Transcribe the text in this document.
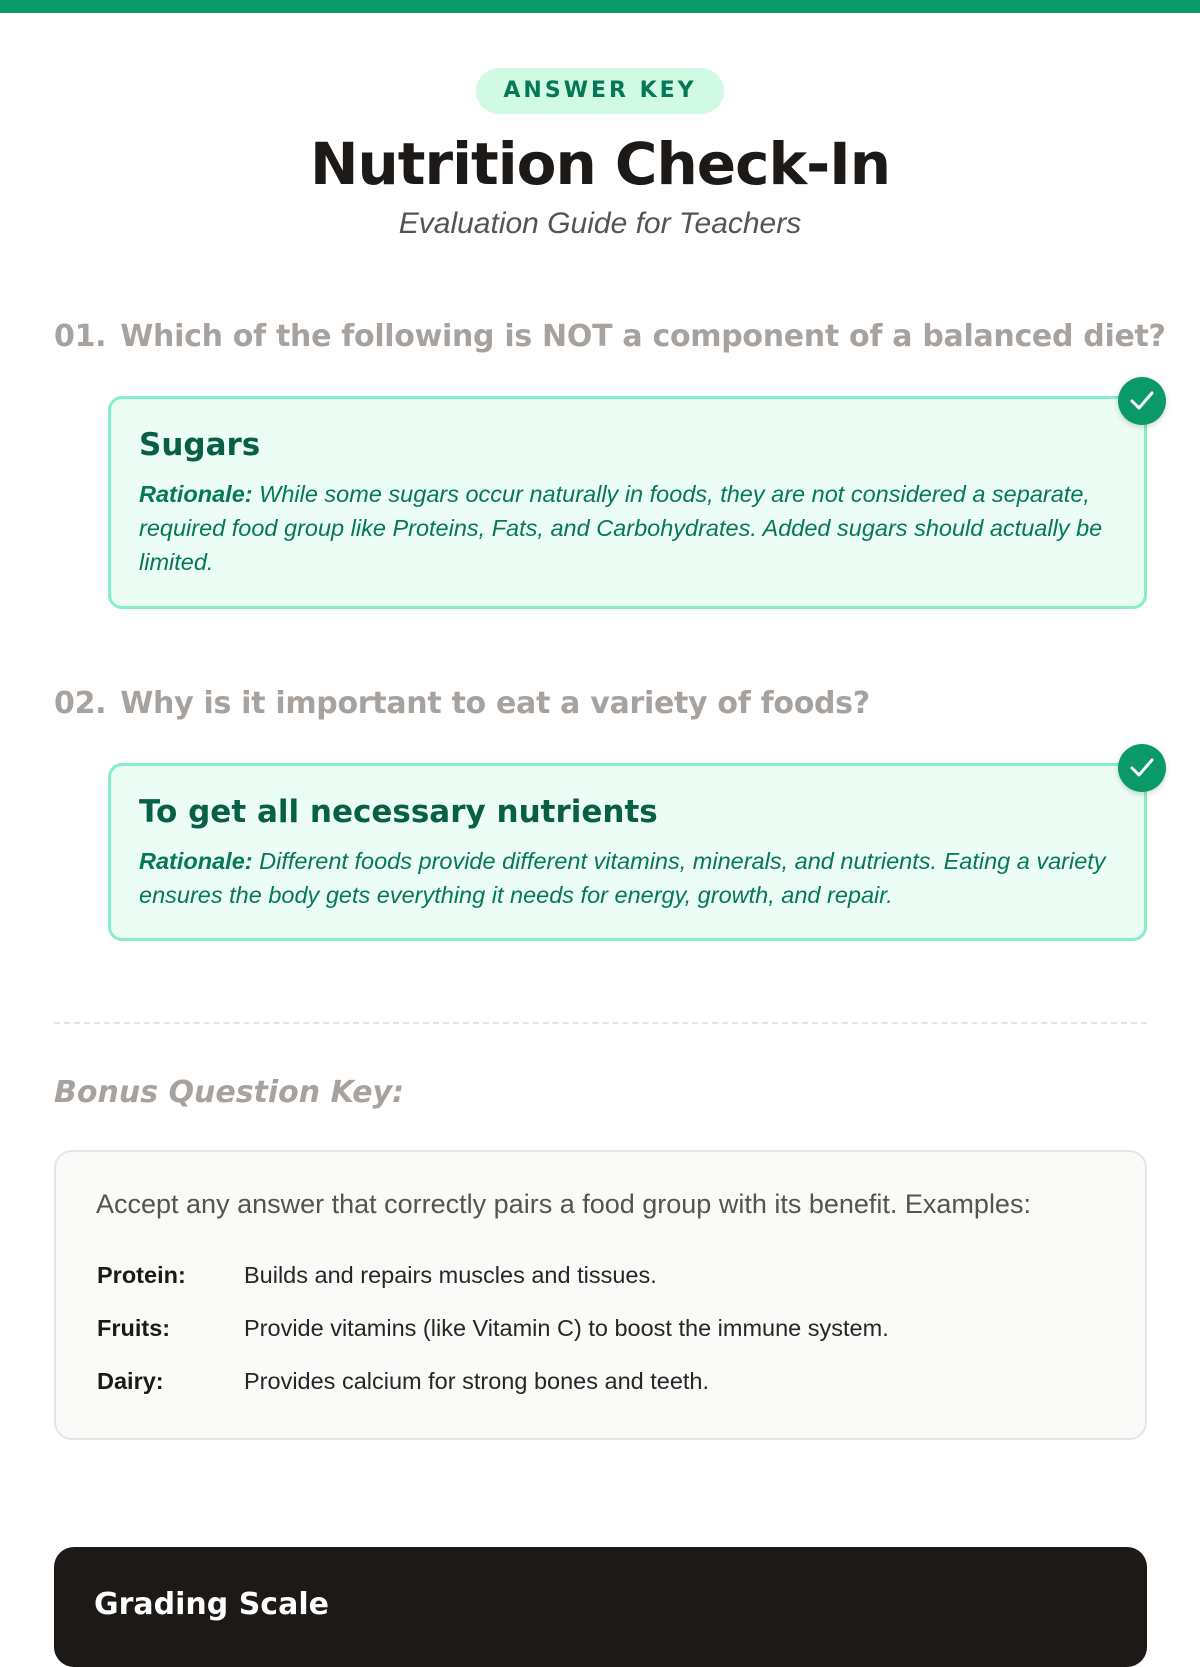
ANSWER KEY
Nutrition Check-In
Evaluation Guide for Teachers
01. Which of the following is NOT a component of a balanced diet?
Sugars
Rationale: While some sugars occur naturally in foods, they are not considered a separate, required food group like Proteins, Fats, and Carbohydrates. Added sugars should actually be limited.
02. Why is it important to eat a variety of foods?
To get all necessary nutrients
Rationale: Different foods provide different vitamins, minerals, and nutrients. Eating a variety ensures the body gets everything it needs for energy, growth, and repair.
Bonus Question Key:
Accept any answer that correctly pairs a food group with its benefit. Examples:
Protein: Builds and repairs muscles and tissues.
Fruits:	Provide vitamins (like Vitamin C) to boost the immune system.
Dairy:	Provides calcium for strong bones and teeth.
Grading Scale
